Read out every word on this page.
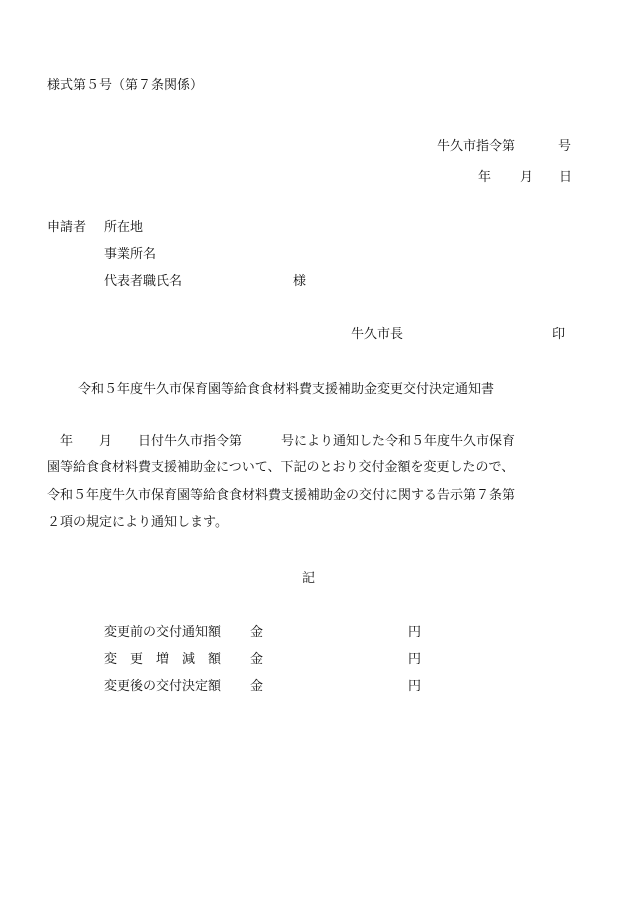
様式第５号（第７条関係）
牛久市指令第	号
年 月 日
申請者 所在地
事業所名
代表者職氏名	様
牛久市長	印
令和５年度牛久市保育園等給食食材料費支援補助金変更交付決定通知書
　年　　月　　日付牛久市指令第　　　号により通知した令和５年度牛久市保育
園等給食食材料費支援補助金について、下記のとおり交付金額を変更したので、
令和５年度牛久市保育園等給食食材料費支援補助金の交付に関する告示第７条第
２項の規定により通知します。
記
変更前の交付通知額 金	円
変　更　増　減　額 金	円
変更後の交付決定額 金	円
